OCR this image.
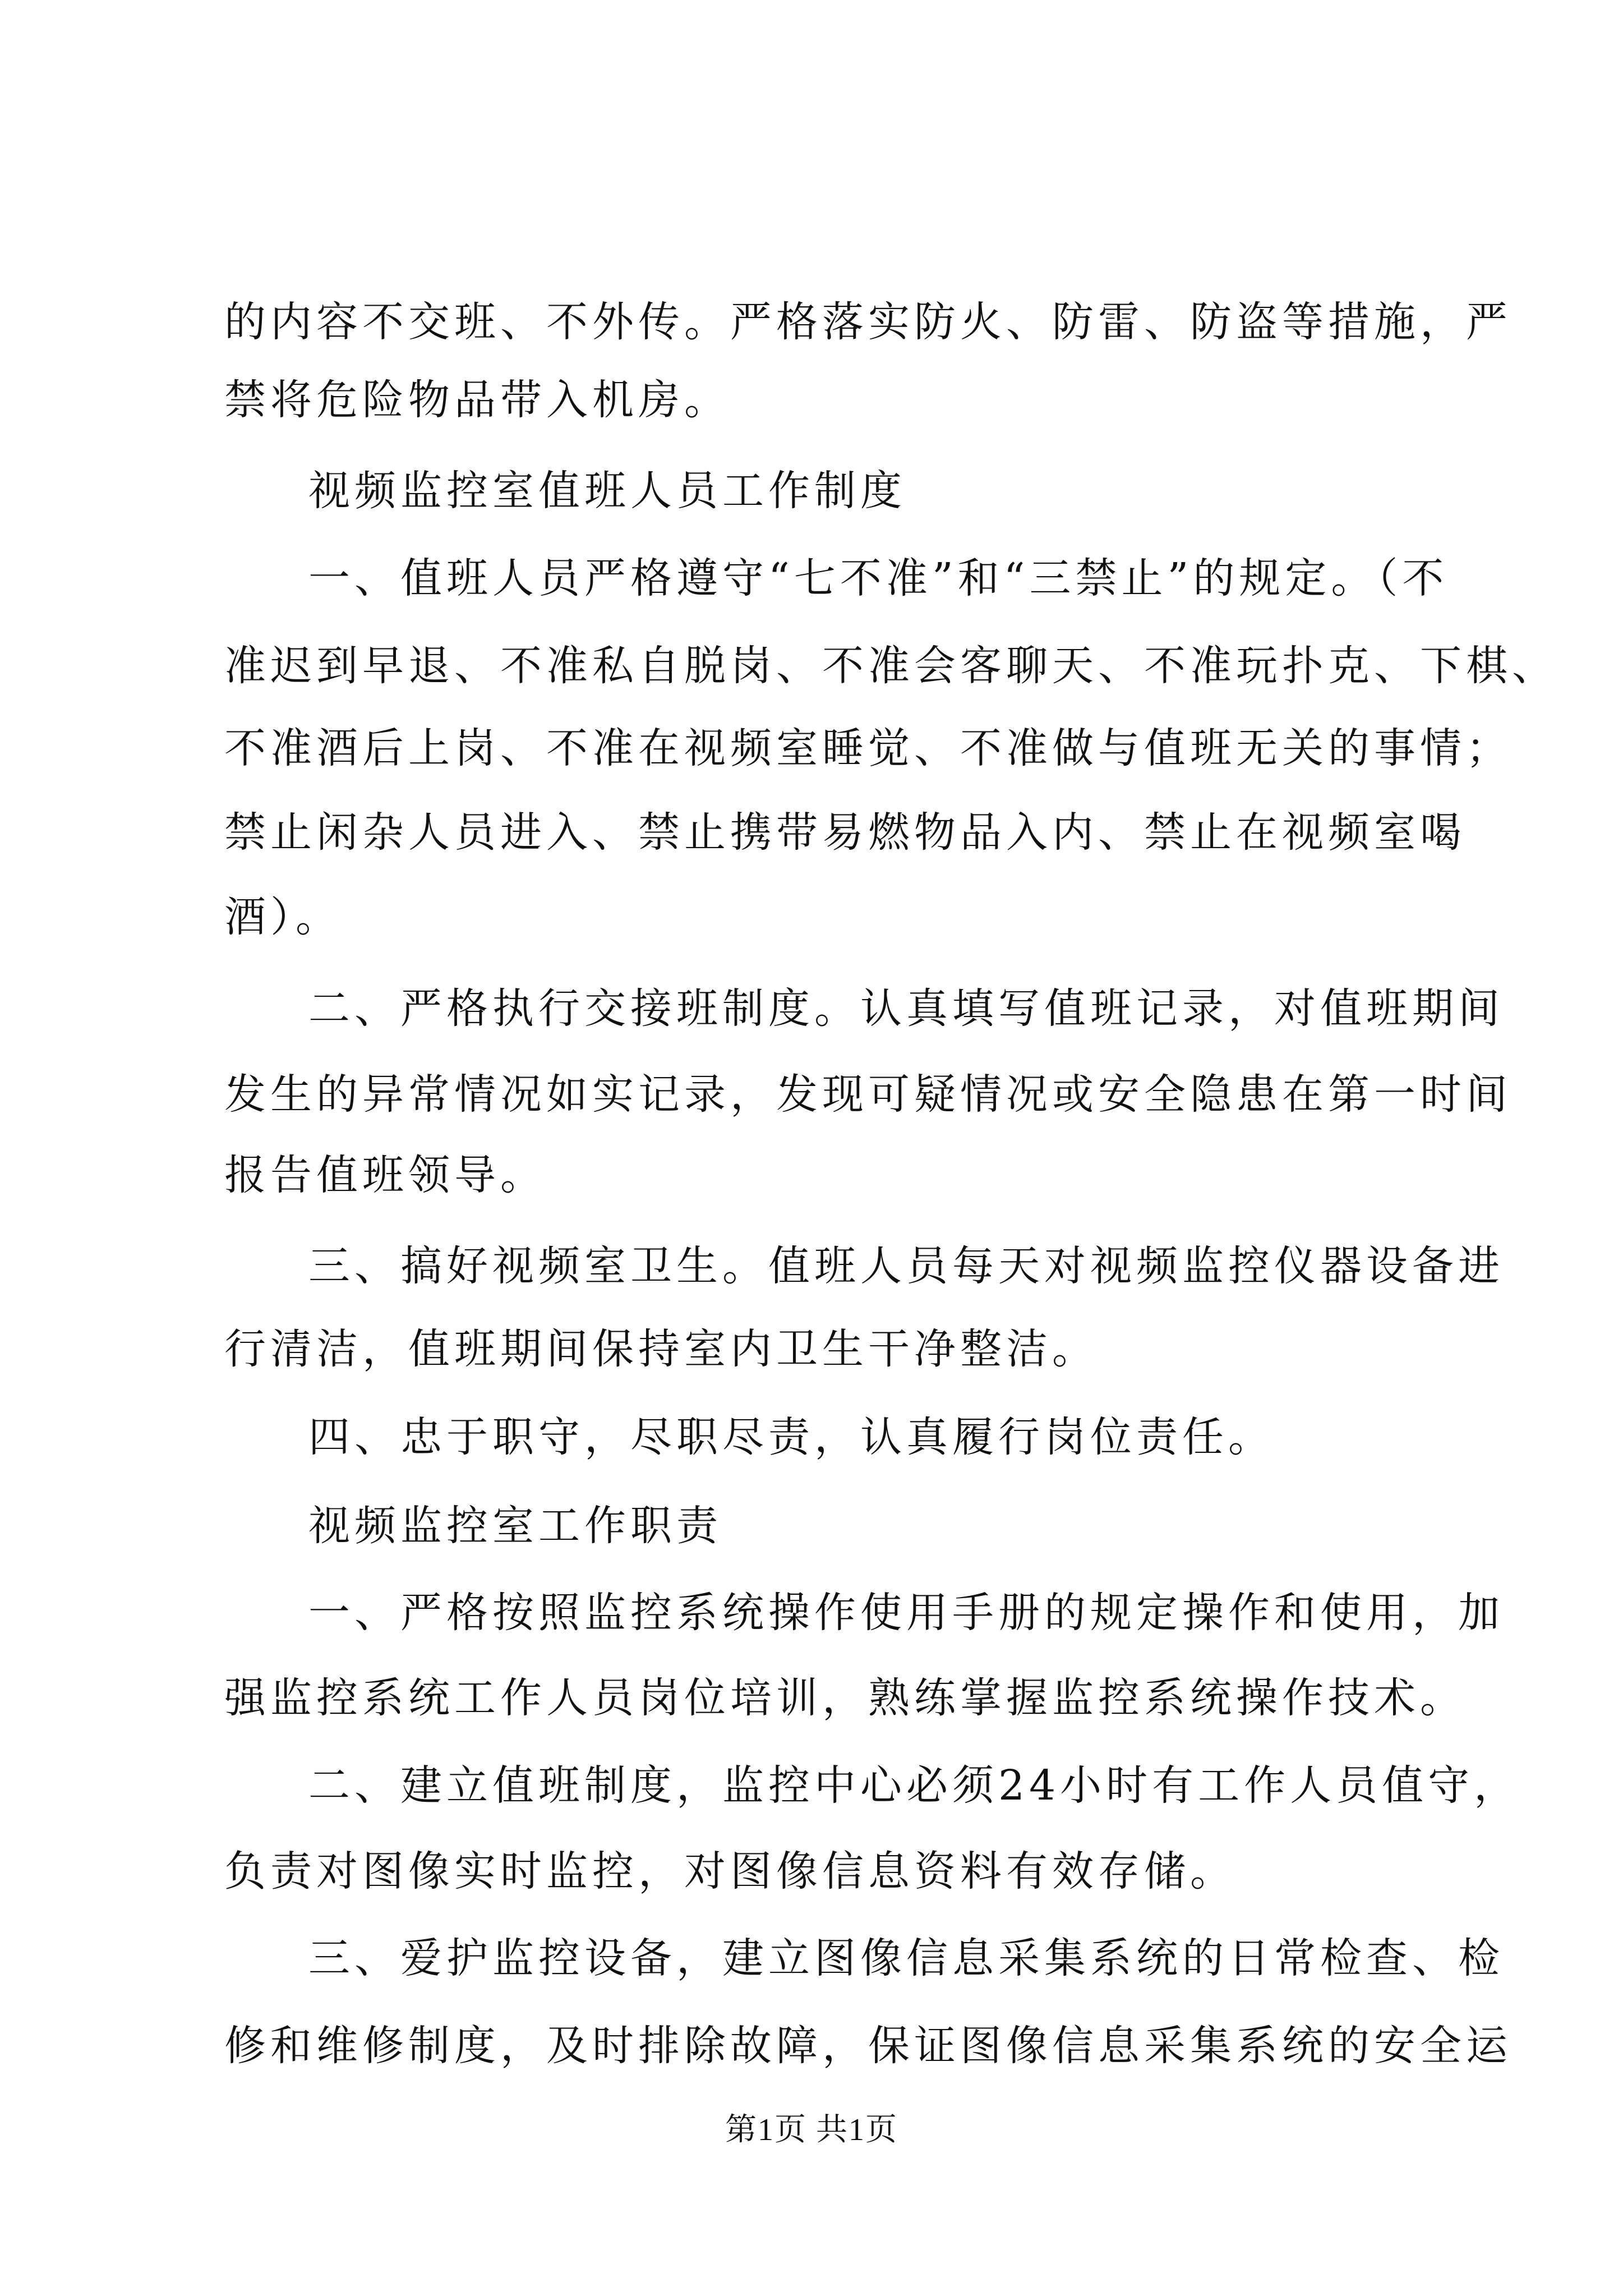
的内容不交班、不外传。严格落实防火、防雷、防盗等措施，严
禁将危险物品带入机房。
视频监控室值班人员工作制度
一、值班人员严格遵守“七不准”和“三禁止”的规定。（不
准迟到早退、不准私自脱岗、不准会客聊天、不准玩扑克、下棋、
不准酒后上岗、不准在视频室睡觉、不准做与值班无关的事情；
禁止闲杂人员进入、禁止携带易燃物品入内、禁止在视频室喝
酒）。
二、严格执行交接班制度。认真填写值班记录，对值班期间
发生的异常情况如实记录，发现可疑情况或安全隐患在第一时间
报告值班领导。
三、搞好视频室卫生。值班人员每天对视频监控仪器设备进
行清洁，值班期间保持室内卫生干净整洁。
四、忠于职守，尽职尽责，认真履行岗位责任。
视频监控室工作职责
一、严格按照监控系统操作使用手册的规定操作和使用，加
强监控系统工作人员岗位培训，熟练掌握监控系统操作技术。
二、建立值班制度，监控中心必须24小时有工作人员值守，
负责对图像实时监控，对图像信息资料有效存储。
三、爱护监控设备，建立图像信息采集系统的日常检查、检
修和维修制度，及时排除故障，保证图像信息采集系统的安全运
第1页 共1页
